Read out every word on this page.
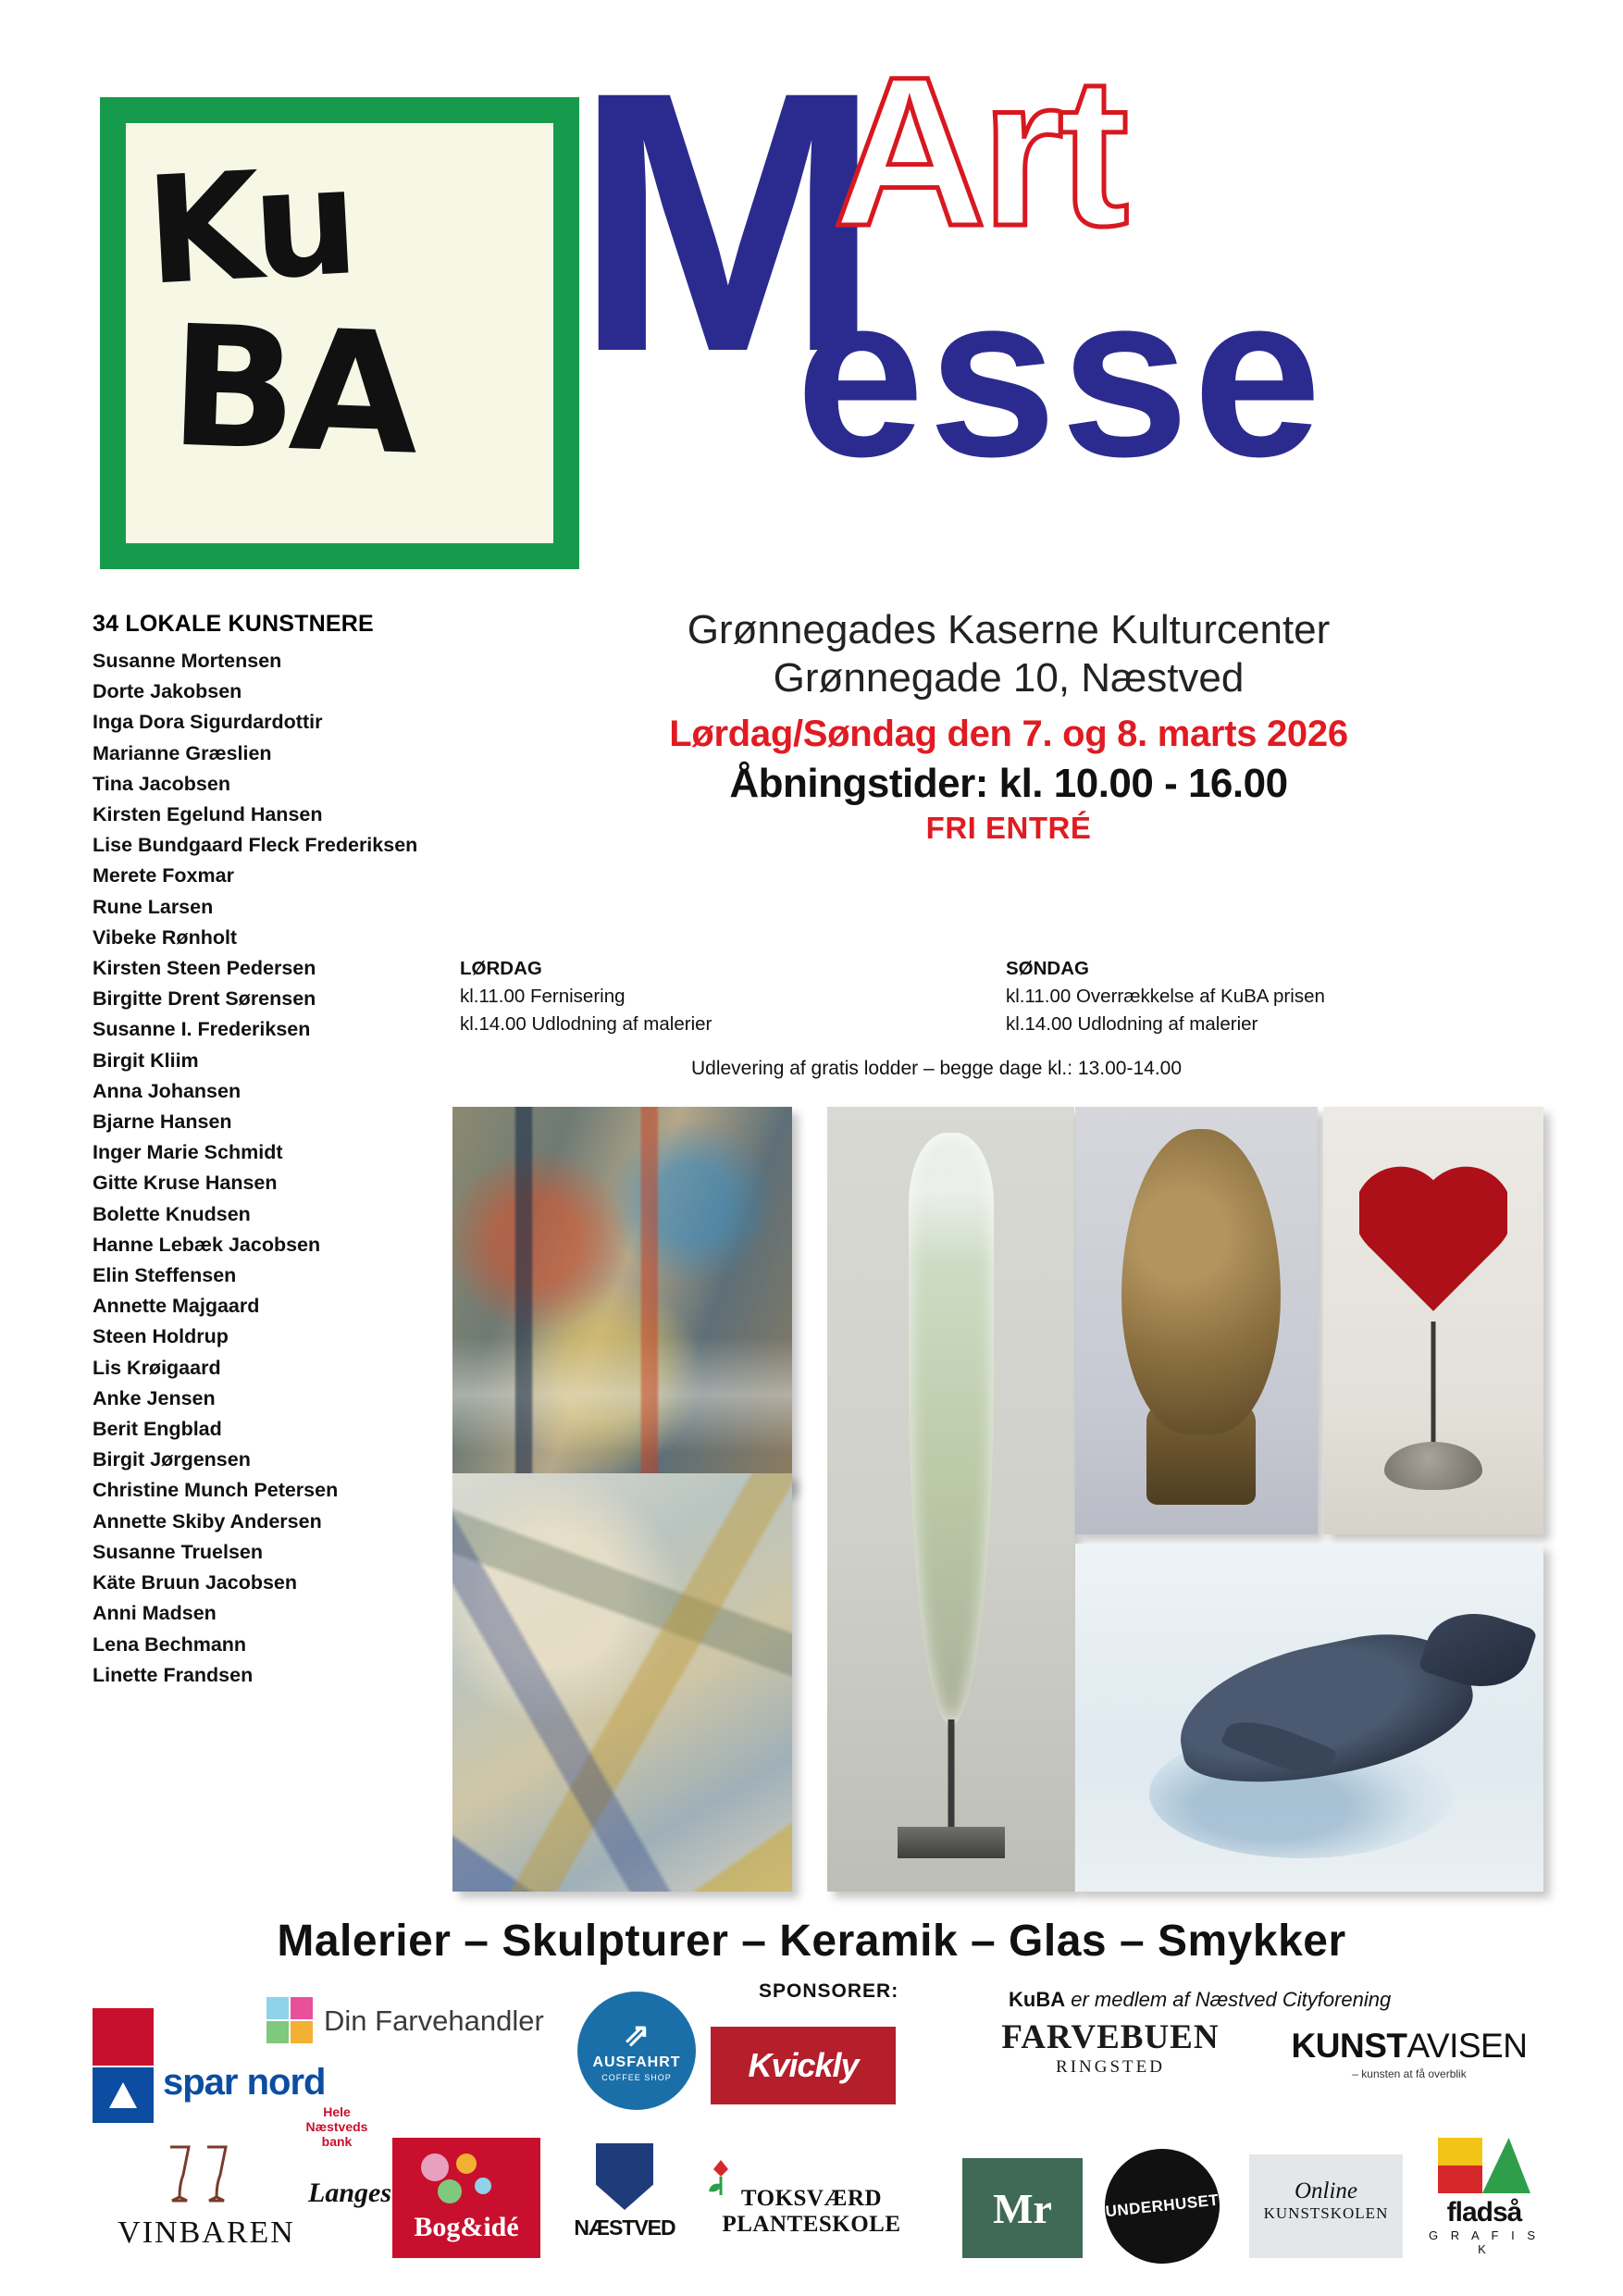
Ku
BA M
Art
esse
34 LOKALE KUNSTNERE
Susanne Mortensen
Dorte Jakobsen
Inga Dora Sigurdardottir
Marianne Græslien
Tina Jacobsen
Kirsten Egelund Hansen
Lise Bundgaard Fleck Frederiksen
Merete Foxmar
Rune Larsen
Vibeke Rønholt
Kirsten Steen Pedersen
Birgitte Drent Sørensen
Susanne I. Frederiksen
Birgit Kliim
Anna Johansen
Bjarne Hansen
Inger Marie Schmidt
Gitte Kruse Hansen
Bolette Knudsen
Hanne Lebæk Jacobsen
Elin Steffensen
Annette Majgaard
Steen Holdrup
Lis Krøigaard
Anke Jensen
Berit Engblad
Birgit Jørgensen
Christine Munch Petersen
Annette Skiby Andersen
Susanne Truelsen
Käte Bruun Jacobsen
Anni Madsen
Lena Bechmann
Linette Frandsen
Grønnegades Kaserne Kulturcenter
Grønnegade 10, Næstved
Lørdag/Søndag den 7. og 8. marts 2026
Åbningstider: kl. 10.00 - 16.00
FRI ENTRÉ
LØRDAG
kl.11.00 Fernisering
kl.14.00 Udlodning af malerier
SØNDAG
kl.11.00 Overrækkelse af KuBA prisen
kl.14.00 Udlodning af malerier
Udlevering af gratis lodder – begge dage kl.: 13.00-14.00
Malerier – Skulpturer – Keramik – Glas – Smykker
SPONSORER:	KuBA er medlem af Næstved Cityforening
spar nord
Hele Næstveds bank
Din Farvehandler	⇗
AUSFAHRT
COFFEE SHOP Kvickly
FARVEBUEN
RINGSTED
KUNSTAVISEN
– kunsten at få overblik
VINBAREN
Langes
Bog&idé	NÆSTVED
TOKSVÆRD PLANTESKOLE	Mr	UNDERHUSET
Online
KUNSTSKOLEN	fladså
G R A F I S K
